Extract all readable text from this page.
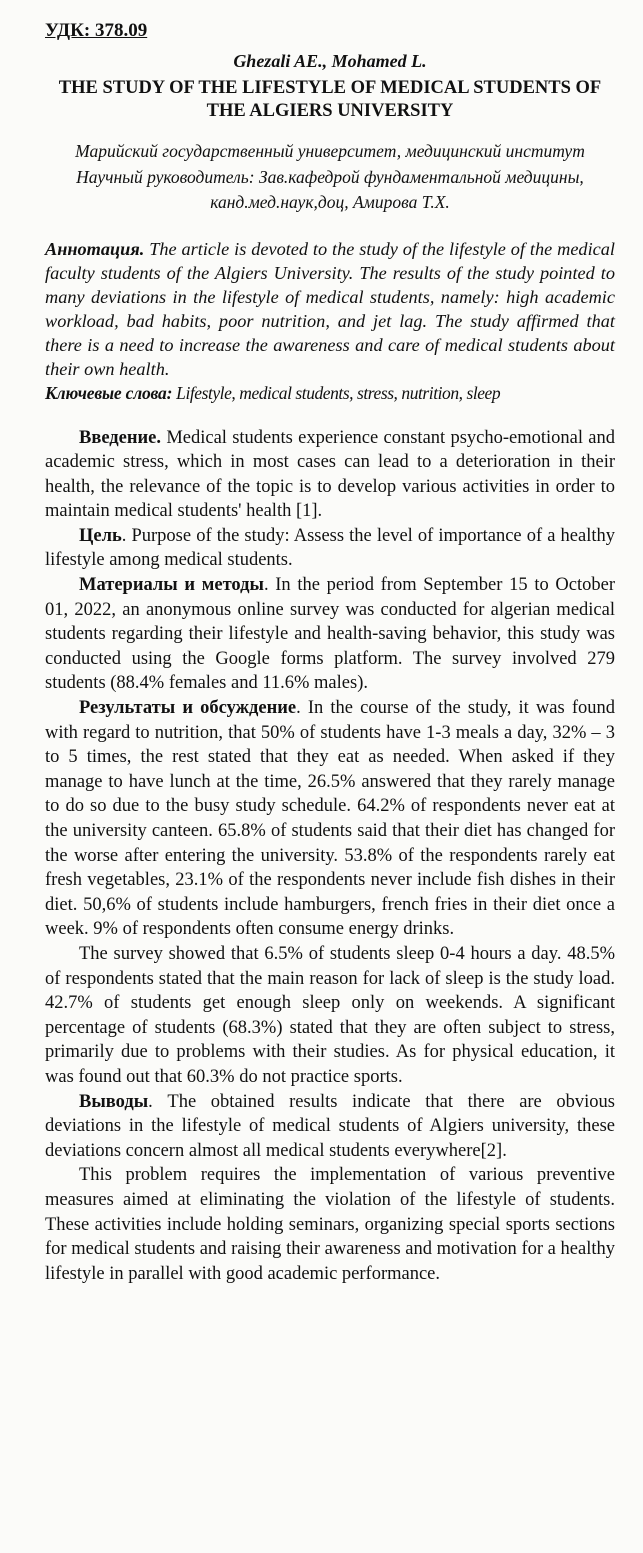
УДК: 378.09
Ghezali AE., Mohamed L.
THE STUDY OF THE LIFESTYLE OF MEDICAL STUDENTS OF THE ALGIERS UNIVERSITY
Марийский государственный университет, медицинский институт
Научный руководитель: Зав.кафедрой фундаментальной медицины, канд.мед.наук,доц, Амирова Т.Х.

Аннотация. The article is devoted to the study of the lifestyle of the medical faculty students of the Algiers University. The results of the study pointed to many deviations in the lifestyle of medical students, namely: high academic workload, bad habits, poor nutrition, and jet lag. The study affirmed that there is a need to increase the awareness and care of medical students about their own health.

Ключевые слова: Lifestyle, medical students, stress, nutrition, sleep

Введение. Medical students experience constant psycho-emotional and academic stress, which in most cases can lead to a deterioration in their health, the relevance of the topic is to develop various activities in order to maintain medical students' health [1].

Цель. Purpose of the study: Assess the level of importance of a healthy lifestyle among medical students.

Материалы и методы. In the period from September 15 to October 01, 2022, an anonymous online survey was conducted for algerian medical students regarding their lifestyle and health-saving behavior, this study was conducted using the Google forms platform. The survey involved 279 students (88.4% females and 11.6% males).

Результаты и обсуждение. In the course of the study, it was found with regard to nutrition, that 50% of students have 1-3 meals a day, 32% – 3 to 5 times, the rest stated that they eat as needed. When asked if they manage to have lunch at the time, 26.5% answered that they rarely manage to do so due to the busy study schedule. 64.2% of respondents never eat at the university canteen. 65.8% of students said that their diet has changed for the worse after entering the university. 53.8% of the respondents rarely eat fresh vegetables, 23.1% of the respondents never include fish dishes in their diet. 50,6% of students include hamburgers, french fries in their diet once a week. 9% of respondents often consume energy drinks.

The survey showed that 6.5% of students sleep 0-4 hours a day. 48.5% of respondents stated that the main reason for lack of sleep is the study load. 42.7% of students get enough sleep only on weekends. A significant percentage of students (68.3%) stated that they are often subject to stress, primarily due to problems with their studies. As for physical education, it was found out that 60.3% do not practice sports.

Выводы. The obtained results indicate that there are obvious deviations in the lifestyle of medical students of Algiers university, these deviations concern almost all medical students everywhere[2].

This problem requires the implementation of various preventive measures aimed at eliminating the violation of the lifestyle of students. These activities include holding seminars, organizing special sports sections for medical students and raising their awareness and motivation for a healthy lifestyle in parallel with good academic performance.
